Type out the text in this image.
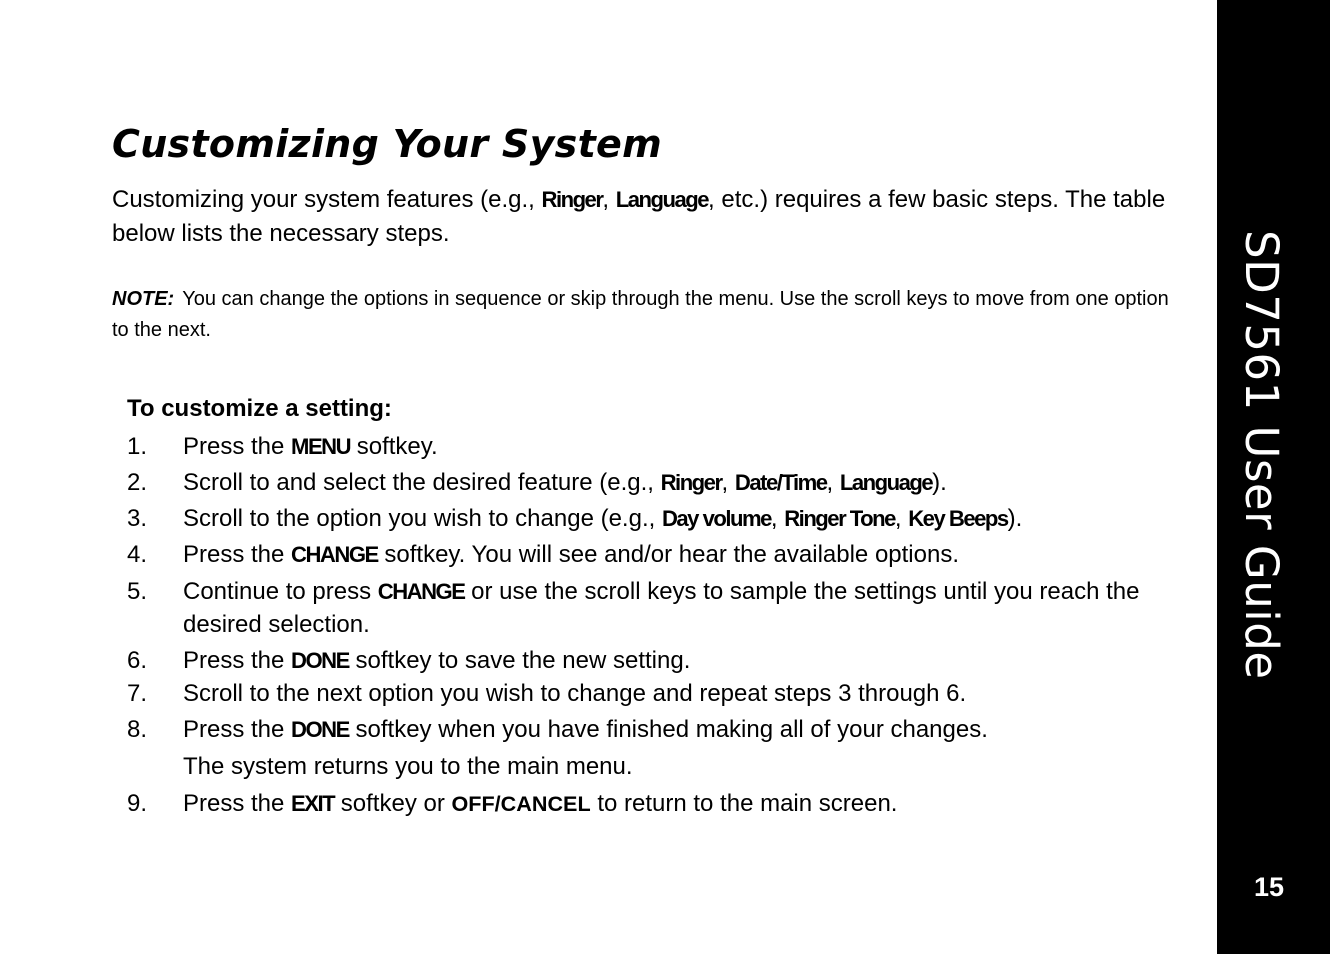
SD7561 User Guide
15
Customizing Your System

Customizing your system features (e.g., Ringer, Language, etc.) requires a few basic steps. The table below lists the necessary steps.

NOTE: You can change the options in sequence or skip through the menu. Use the scroll keys to move from one option to the next.

To customize a setting:
1. Press the MENU softkey.
2. Scroll to and select the desired feature (e.g., Ringer, Date/Time, Language).
3. Scroll to the option you wish to change (e.g., Day volume, Ringer Tone, Key Beeps).
4. Press the CHANGE softkey. You will see and/or hear the available options.
5. Continue to press CHANGE or use the scroll keys to sample the settings until you reach the desired selection.
6. Press the DONE softkey to save the new setting.
7. Scroll to the next option you wish to change and repeat steps 3 through 6.
8. Press the DONE softkey when you have finished making all of your changes.
The system returns you to the main menu.
9. Press the EXIT softkey or OFF/CANCEL to return to the main screen.
